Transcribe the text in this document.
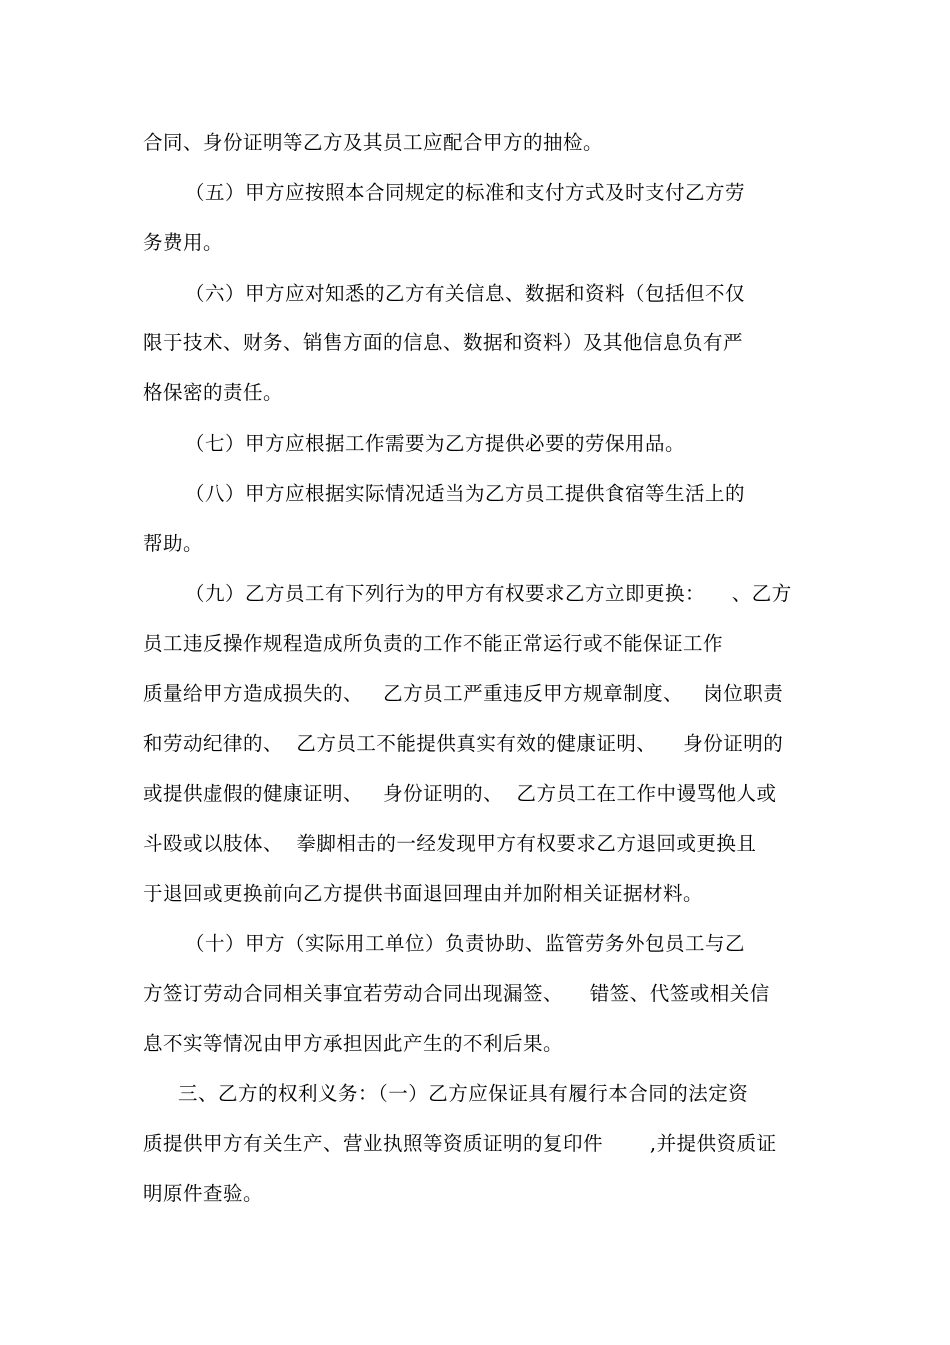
合同、身份证明等乙方及其员工应配合甲方的抽检。
（五）甲方应按照本合同规定的标准和支付方式及时支付乙方劳
务费用。
（六）甲方应对知悉的乙方有关信息、数据和资料（包括但不仅
限于技术、财务、销售方面的信息、数据和资料）及其他信息负有严
格保密的责任。
（七）甲方应根据工作需要为乙方提供必要的劳保用品。
（八）甲方应根据实际情况适当为乙方员工提供食宿等生活上的
帮助。
（九）乙方员工有下列行为的甲方有权要求乙方立即更换：    、乙方
员工违反操作规程造成所负责的工作不能正常运行或不能保证工作
质量给甲方造成损失的、   乙方员工严重违反甲方规章制度、   岗位职责
和劳动纪律的、  乙方员工不能提供真实有效的健康证明、    身份证明的
或提供虚假的健康证明、   身份证明的、  乙方员工在工作中谩骂他人或
斗殴或以肢体、  拳脚相击的一经发现甲方有权要求乙方退回或更换且
于退回或更换前向乙方提供书面退回理由并加附相关证据材料。
（十）甲方（实际用工单位）负责协助、监管劳务外包员工与乙
方签订劳动合同相关事宜若劳动合同出现漏签、    错签、代签或相关信
息不实等情况由甲方承担因此产生的不利后果。
三、乙方的权利义务：（一）乙方应保证具有履行本合同的法定资
质提供甲方有关生产、营业执照等资质证明的复印件       ,并提供资质证
明原件查验。
